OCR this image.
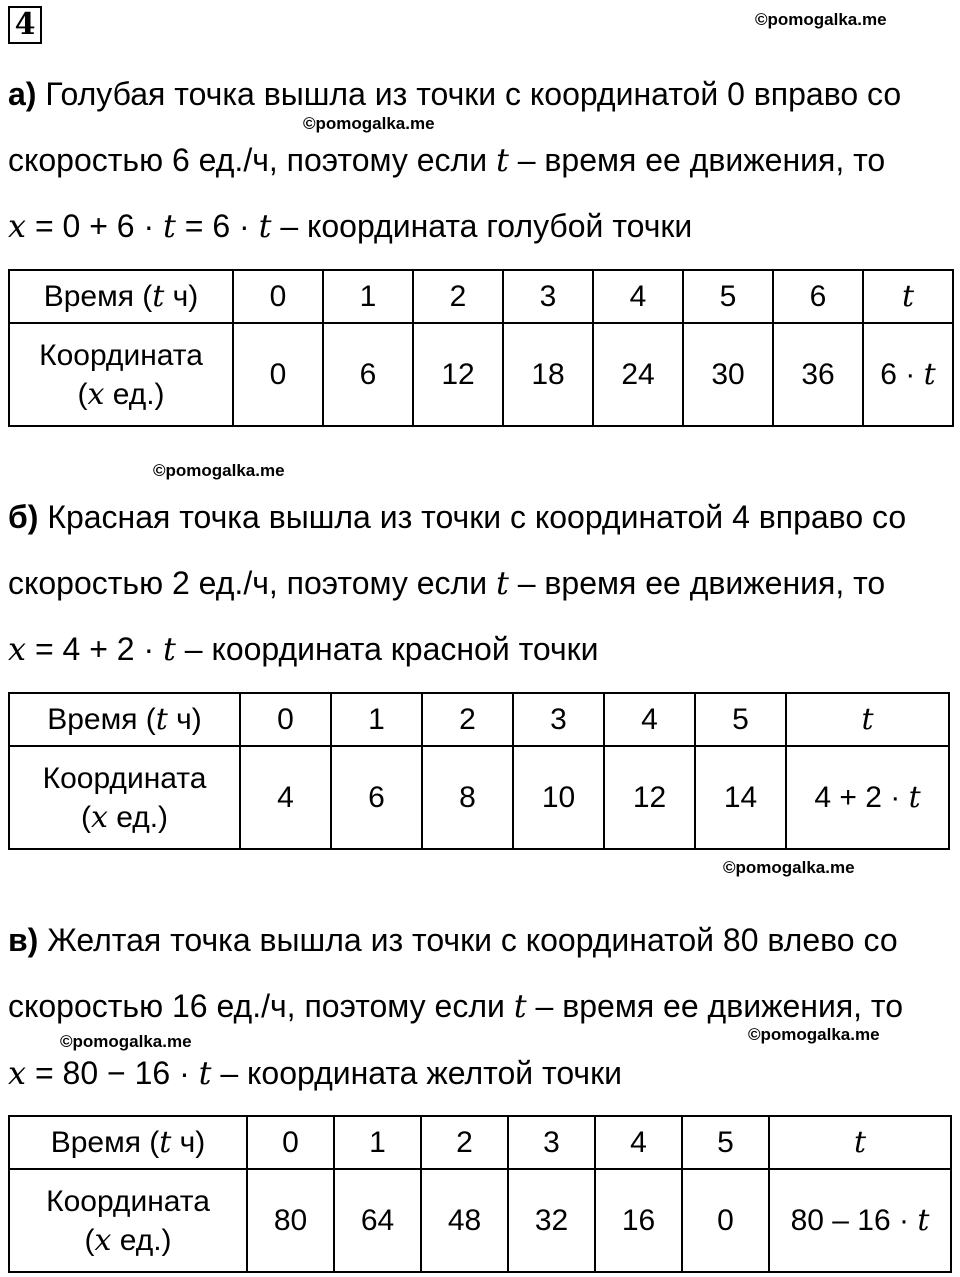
4	©pomogalka.me
©pomogalka.me
©pomogalka.me
©pomogalka.me
©pomogalka.me	©pomogalka.me
а) Голубая точка вышла из точки с координатой 0 вправо со
скоростью 6 ед./ч, поэтому если t – время ее движения, то
x = 0 + 6 · t = 6 · t – координата голубой точки
Время (t ч)	0	1	2	3	4	5	6	t
Координата
(x ед.)	0	6	12	18	24	30	36	6 · t
б) Красная точка вышла из точки с координатой 4 вправо со
скоростью 2 ед./ч, поэтому если t – время ее движения, то
x = 4 + 2 · t – координата красной точки
Время (t ч)	0	1	2	3	4	5	t
Координата
(x ед.)	4	6	8	10	12	14	4 + 2 · t
в) Желтая точка вышла из точки с координатой 80 влево со
скоростью 16 ед./ч, поэтому если t – время ее движения, то
x = 80 − 16 · t – координата желтой точки
Время (t ч)	0	1	2	3	4	5	t
Координата
(x ед.)	80	64	48	32	16	0	80 – 16 · t
